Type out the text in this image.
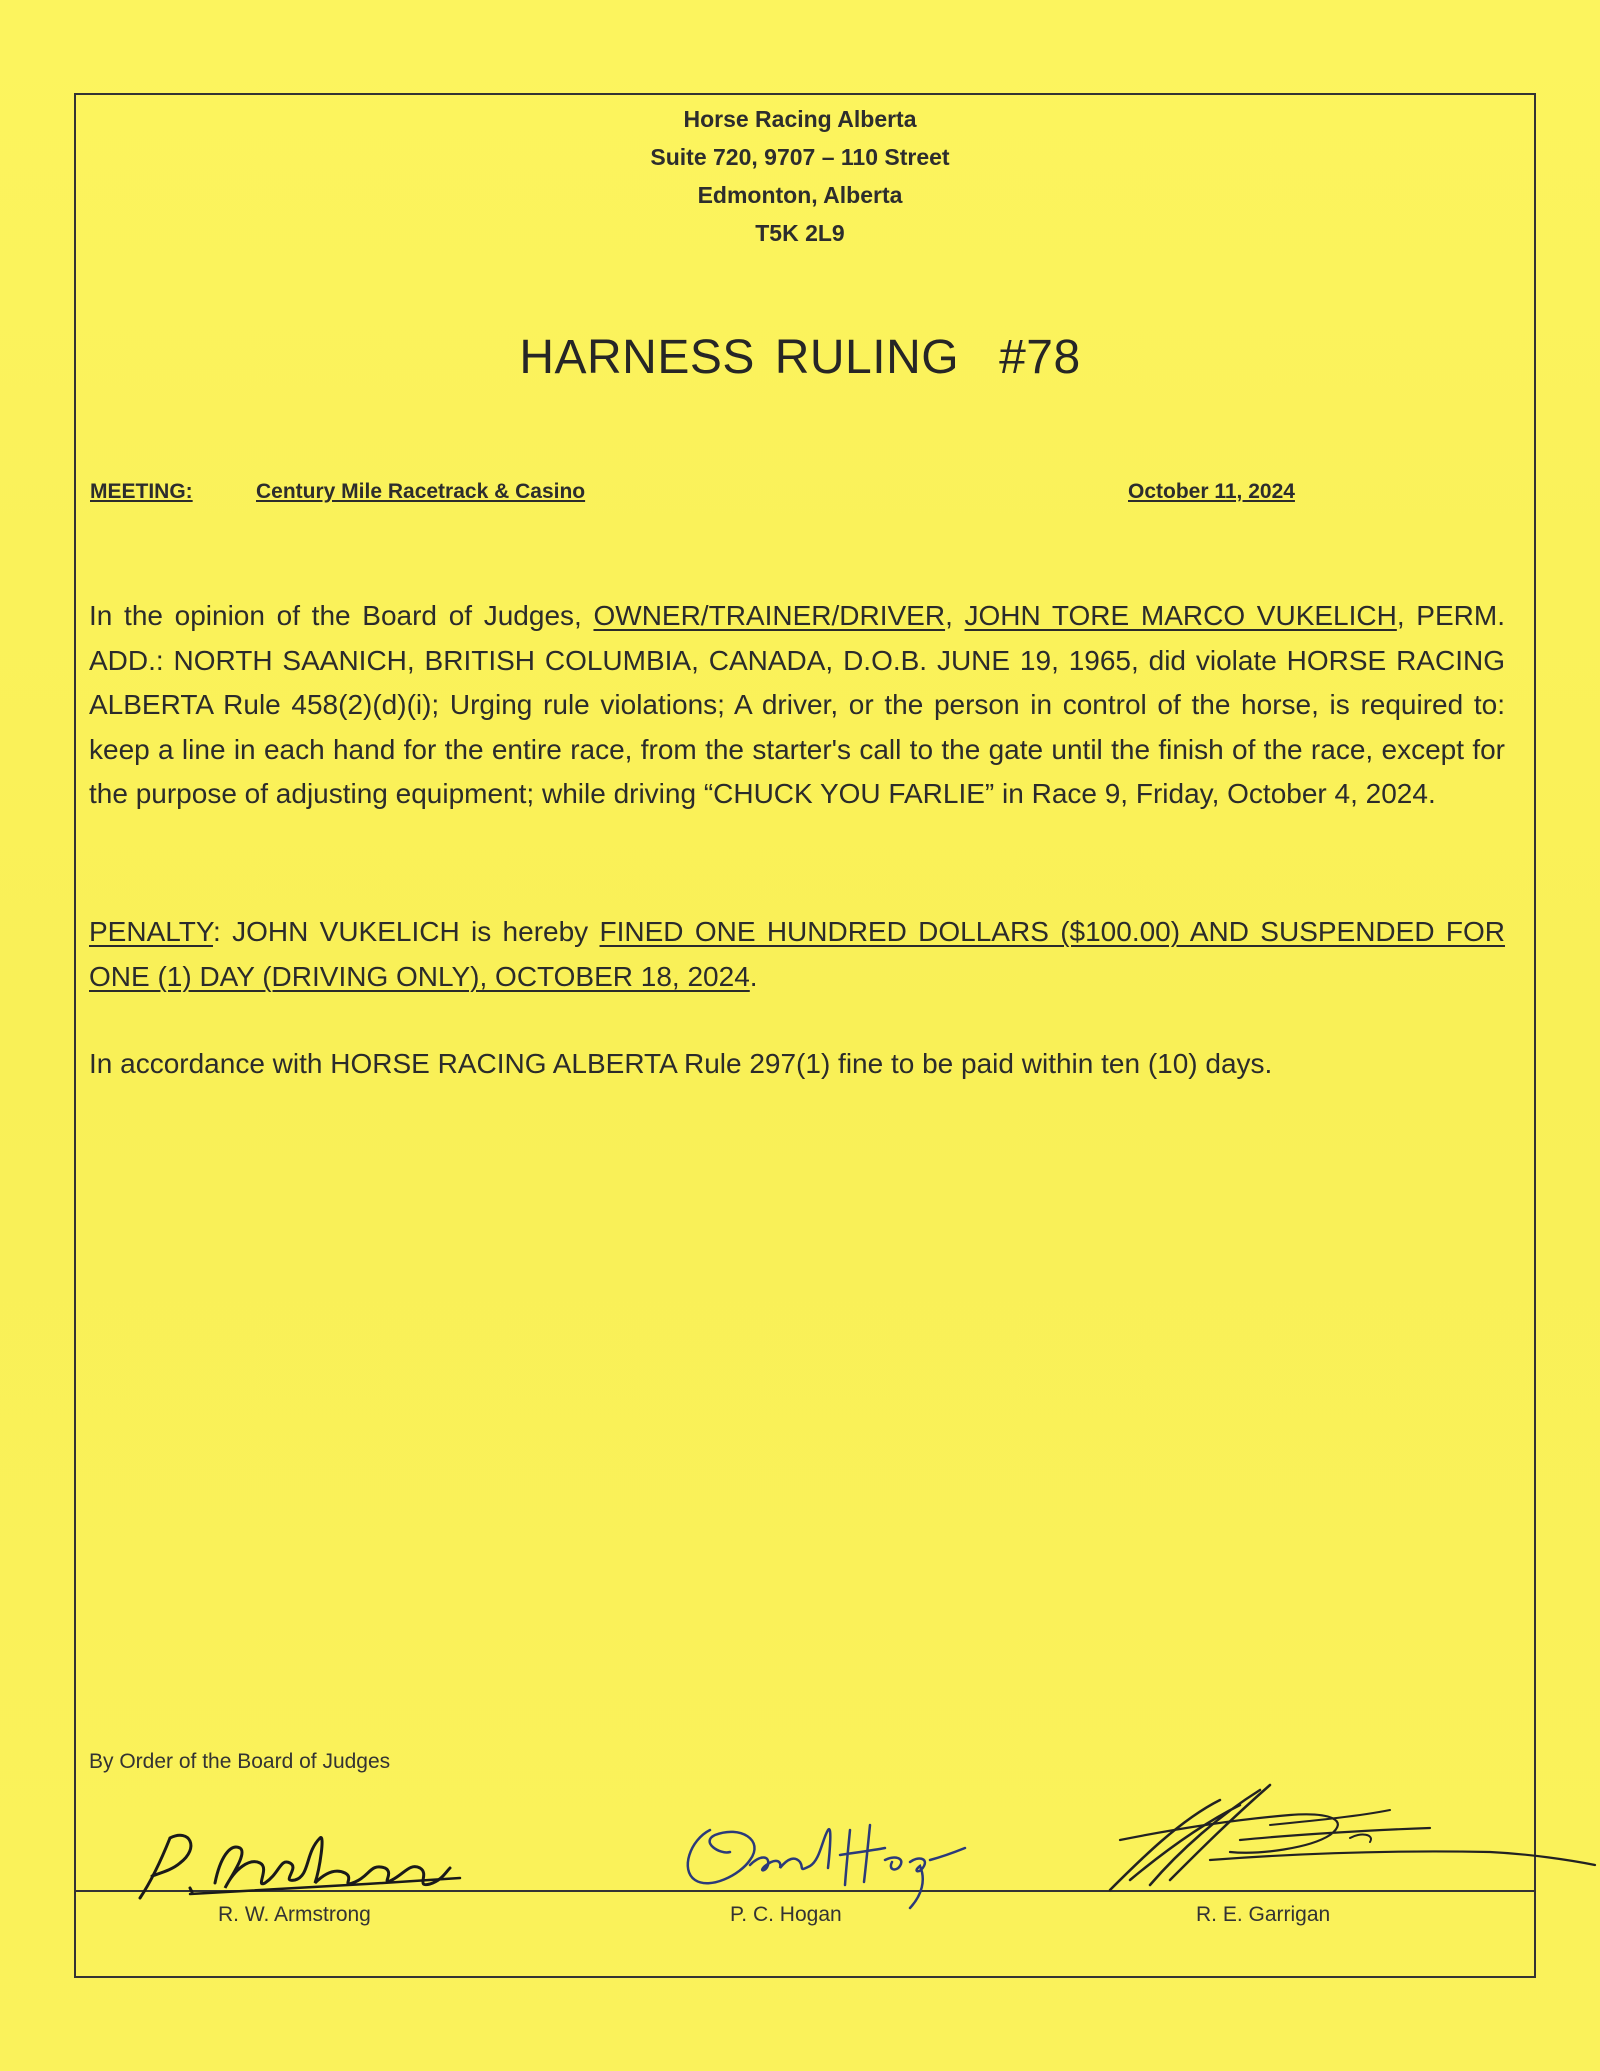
Horse Racing Alberta
Suite 720, 9707 – 110 Street
Edmonton, Alberta
T5K 2L9
HARNESS RULING #78
MEETING:	Century Mile Racetrack & Casino	October 11, 2024
In the opinion of the Board of Judges, OWNER/TRAINER/DRIVER, JOHN TORE MARCO VUKELICH, PERM. ADD.: NORTH SAANICH, BRITISH COLUMBIA, CANADA, D.O.B. JUNE 19, 1965, did violate HORSE RACING ALBERTA Rule 458(2)(d)(i); Urging rule violations; A driver, or the person in control of the horse, is required to: keep a line in each hand for the entire race, from the starter's call to the gate until the finish of the race, except for the purpose of adjusting equipment; while driving “CHUCK YOU FARLIE” in Race 9, Friday, October 4, 2024.
PENALTY: JOHN VUKELICH is hereby FINED ONE HUNDRED DOLLARS ($100.00) AND SUSPENDED FOR ONE (1) DAY (DRIVING ONLY), OCTOBER 18, 2024.
In accordance with HORSE RACING ALBERTA Rule 297(1) fine to be paid within ten (10) days.
By Order of the Board of Judges
R. W. Armstrong	P. C. Hogan	R. E. Garrigan
